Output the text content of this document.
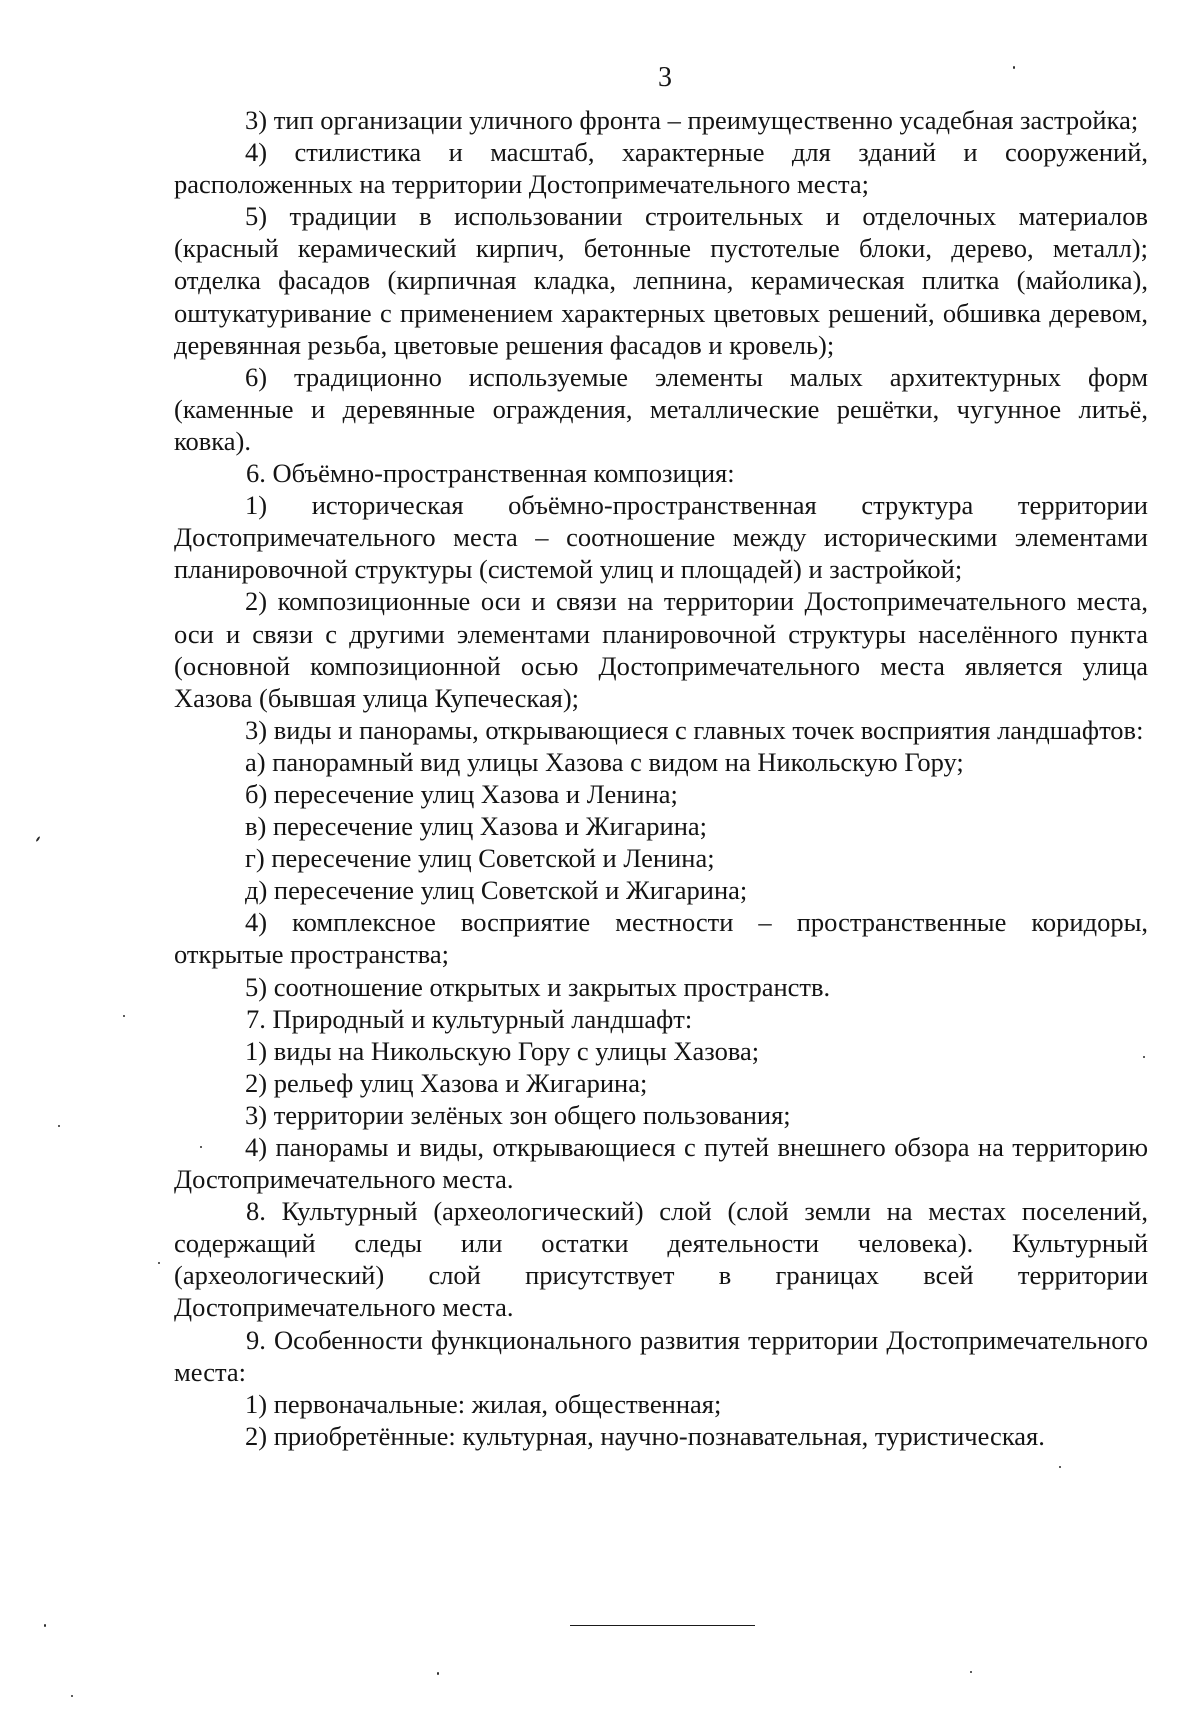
3

3) тип организации уличного фронта – преимущественно усадебная застройка;

4) стилистика и масштаб, характерные для зданий и сооружений, расположенных на территории Достопримечательного места;

5) традиции в использовании строительных и отделочных материалов (красный керамический кирпич, бетонные пустотелые блоки, дерево, металл); отделка фасадов (кирпичная кладка, лепнина, керамическая плитка (майолика), оштукатуривание с применением характерных цветовых решений, обшивка деревом, деревянная резьба, цветовые решения фасадов и кровель);

6) традиционно используемые элементы малых архитектурных форм (каменные и деревянные ограждения, металлические решётки, чугунное литьё, ковка).

6. Объёмно-пространственная композиция:

1) историческая объёмно-пространственная структура территории Достопримечательного места – соотношение между историческими элементами планировочной структуры (системой улиц и площадей) и застройкой;

2) композиционные оси и связи на территории Достопримечательного места, оси и связи с другими элементами планировочной структуры населённого пункта (основной композиционной осью Достопримечательного места является улица Хазова (бывшая улица Купеческая);

3) виды и панорамы, открывающиеся с главных точек восприятия ландшафтов:

а) панорамный вид улицы Хазова с видом на Никольскую Гору;

б) пересечение улиц Хазова и Ленина;

в) пересечение улиц Хазова и Жигарина;

г) пересечение улиц Советской и Ленина;

д) пересечение улиц Советской и Жигарина;

4) комплексное восприятие местности – пространственные коридоры, открытые пространства;

5) соотношение открытых и закрытых пространств.

7. Природный и культурный ландшафт:

1) виды на Никольскую Гору с улицы Хазова;

2) рельеф улиц Хазова и Жигарина;

3) территории зелёных зон общего пользования;

4) панорамы и виды, открывающиеся с путей внешнего обзора на территорию Достопримечательного места.

8. Культурный (археологический) слой (слой земли на местах поселений, содержащий следы или остатки деятельности человека). Культурный (археологический) слой присутствует в границах всей территории Достопримечательного места.

9. Особенности функционального развития территории Достопримечательного места:

1) первоначальные: жилая, общественная;

2) приобретённые: культурная, научно-познавательная, туристическая.
